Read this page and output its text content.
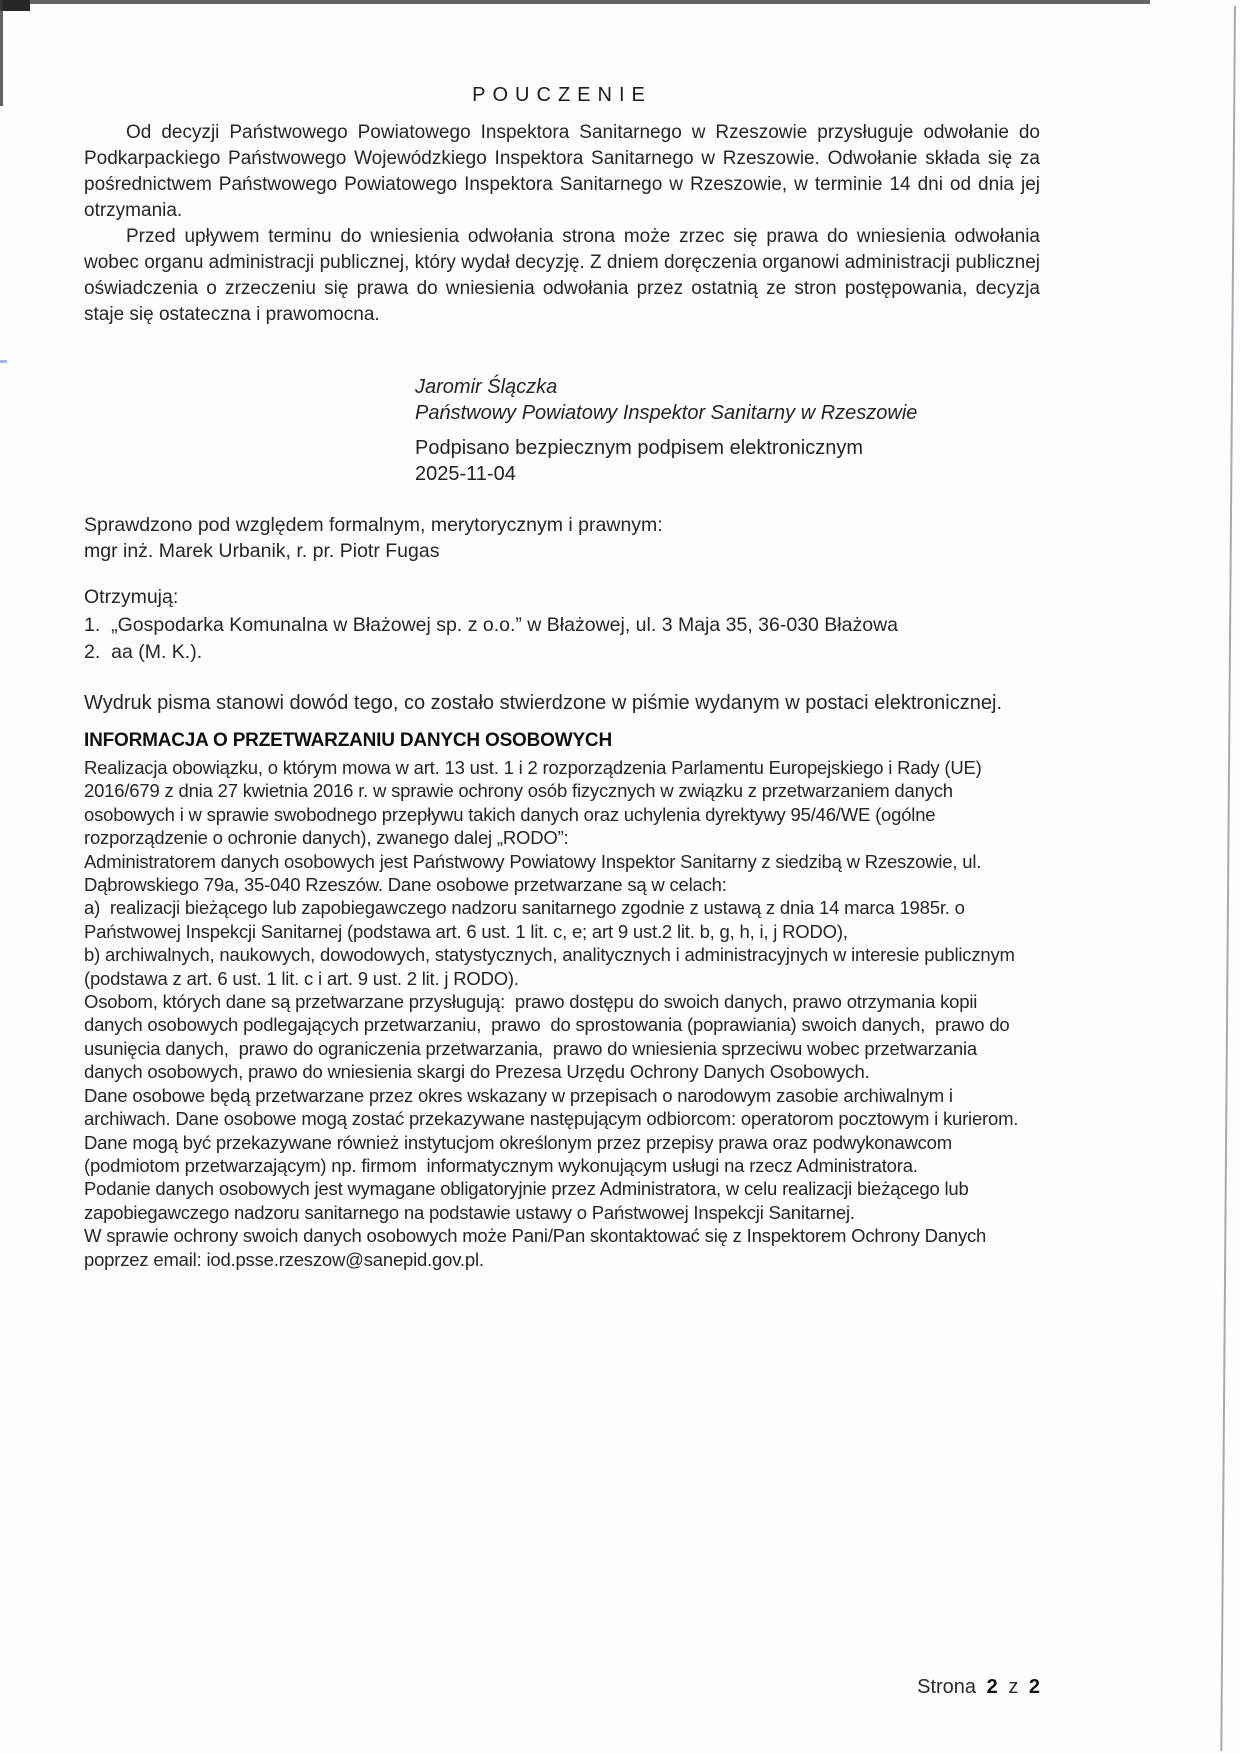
POUCZENIE

Od decyzji Państwowego Powiatowego Inspektora Sanitarnego w Rzeszowie przysługuje odwołanie do Podkarpackiego Państwowego Wojewódzkiego Inspektora Sanitarnego w Rzeszowie. Odwołanie składa się za pośrednictwem Państwowego Powiatowego Inspektora Sanitarnego w Rzeszowie, w terminie 14 dni od dnia jej otrzymania.

Przed upływem terminu do wniesienia odwołania strona może zrzec się prawa do wniesienia odwołania wobec organu administracji publicznej, który wydał decyzję. Z dniem doręczenia organowi administracji publicznej oświadczenia o zrzeczeniu się prawa do wniesienia odwołania przez ostatnią ze stron postępowania, decyzja staje się ostateczna i prawomocna.

Jaromir Ślączka
Państwowy Powiatowy Inspektor Sanitarny w Rzeszowie
Podpisano bezpiecznym podpisem elektronicznym
2025-11-04
Sprawdzono pod względem formalnym, merytorycznym i prawnym:
mgr inż. Marek Urbanik, r. pr. Piotr Fugas
Otrzymują:
1.  „Gospodarka Komunalna w Błażowej sp. z o.o.” w Błażowej, ul. 3 Maja 35, 36-030 Błażowa
2.  aa (M. K.).
Wydruk pisma stanowi dowód tego, co zostało stwierdzone w piśmie wydanym w postaci elektronicznej.
INFORMACJA O PRZETWARZANIU DANYCH OSOBOWYCH
Realizacja obowiązku, o którym mowa w art. 13 ust. 1 i 2 rozporządzenia Parlamentu Europejskiego i Rady (UE)
2016/679 z dnia 27 kwietnia 2016 r. w sprawie ochrony osób fizycznych w związku z przetwarzaniem danych
osobowych i w sprawie swobodnego przepływu takich danych oraz uchylenia dyrektywy 95/46/WE (ogólne
rozporządzenie o ochronie danych), zwanego dalej „RODO”:
Administratorem danych osobowych jest Państwowy Powiatowy Inspektor Sanitarny z siedzibą w Rzeszowie, ul.
Dąbrowskiego 79a, 35-040 Rzeszów. Dane osobowe przetwarzane są w celach:
a)  realizacji bieżącego lub zapobiegawczego nadzoru sanitarnego zgodnie z ustawą z dnia 14 marca 1985r. o
Państwowej Inspekcji Sanitarnej (podstawa art. 6 ust. 1 lit. c, e; art 9 ust.2 lit. b, g, h, i, j RODO),
b) archiwalnych, naukowych, dowodowych, statystycznych, analitycznych i administracyjnych w interesie publicznym
(podstawa z art. 6 ust. 1 lit. c i art. 9 ust. 2 lit. j RODO).
Osobom, których dane są przetwarzane przysługują:  prawo dostępu do swoich danych, prawo otrzymania kopii
danych osobowych podlegających przetwarzaniu,  prawo  do sprostowania (poprawiania) swoich danych,  prawo do
usunięcia danych,  prawo do ograniczenia przetwarzania,  prawo do wniesienia sprzeciwu wobec przetwarzania
danych osobowych, prawo do wniesienia skargi do Prezesa Urzędu Ochrony Danych Osobowych.
Dane osobowe będą przetwarzane przez okres wskazany w przepisach o narodowym zasobie archiwalnym i
archiwach. Dane osobowe mogą zostać przekazywane następującym odbiorcom: operatorom pocztowym i kurierom.
Dane mogą być przekazywane również instytucjom określonym przez przepisy prawa oraz podwykonawcom
(podmiotom przetwarzającym) np. firmom  informatycznym wykonującym usługi na rzecz Administratora.
Podanie danych osobowych jest wymagane obligatoryjnie przez Administratora, w celu realizacji bieżącego lub
zapobiegawczego nadzoru sanitarnego na podstawie ustawy o Państwowej Inspekcji Sanitarnej.
W sprawie ochrony swoich danych osobowych może Pani/Pan skontaktować się z Inspektorem Ochrony Danych
poprzez email: iod.psse.rzeszow@sanepid.gov.pl.
Strona 2 z 2
